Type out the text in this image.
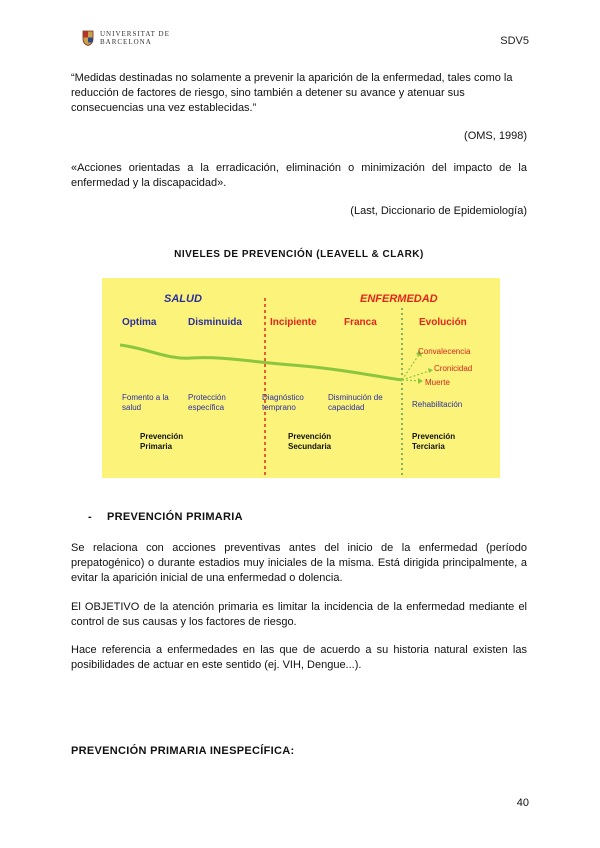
UNIVERSITAT DE
BARCELONA	SDV5
“Medidas destinadas no solamente a prevenir la aparición de la enfermedad, tales como la reducción de factores de riesgo, sino también a detener su avance y atenuar sus consecuencias una vez establecidas.”
(OMS, 1998)
«Acciones orientadas a la erradicación, eliminación o minimización del impacto de la enfermedad y la discapacidad».
(Last, Diccionario de Epidemiología)
NIVELES DE PREVENCIÓN (LEAVELL & CLARK)
SALUD	ENFERMEDAD
Optima	Disminuida	Incipiente	Franca	Evolución
Convalecencia
Cronicidad
Muerte
Fomento a la
salud
Protección
específica
Diagnóstico
temprano
Disminución de
capacidad	Rehabilitación
Prevención
Primaria
Prevención
Secundaria
Prevención
Terciaria
- PREVENCIÓN PRIMARIA
Se relaciona con acciones preventivas antes del inicio de la enfermedad (período prepatogénico) o durante estadios muy iniciales de la misma. Está dirigida principalmente, a evitar la aparición inicial de una enfermedad o dolencia.
El OBJETIVO de la atención primaria es limitar la incidencia de la enfermedad mediante el control de sus causas y los factores de riesgo.
Hace referencia a enfermedades en las que de acuerdo a su historia natural existen las posibilidades de actuar en este sentido (ej. VIH, Dengue...).
PREVENCIÓN PRIMARIA INESPECÍFICA:
40
